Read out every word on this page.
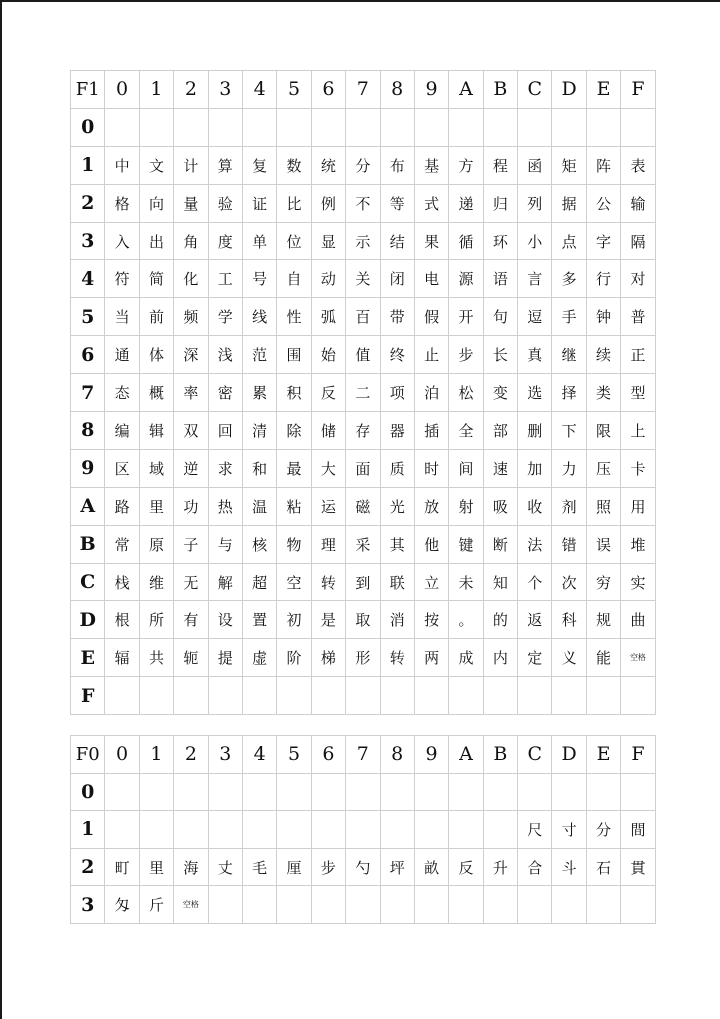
F1	0	1	2	3	4	5	6	7	8	9	A	B	C	D	E	F
0																
1	中	文	计	算	复	数	统	分	布	基	方	程	函	矩	阵	表
2	格	向	量	验	证	比	例	不	等	式	递	归	列	据	公	输
3	入	出	角	度	单	位	显	示	结	果	循	环	小	点	字	隔
4	符	简	化	工	号	自	动	关	闭	电	源	语	言	多	行	对
5	当	前	频	学	线	性	弧	百	带	假	开	句	逗	手	钟	普
6	通	体	深	浅	范	围	始	值	终	止	步	长	真	继	续	正
7	态	概	率	密	累	积	反	二	项	泊	松	变	选	择	类	型
8	编	辑	双	回	清	除	储	存	器	插	全	部	删	下	限	上
9	区	域	逆	求	和	最	大	面	质	时	间	速	加	力	压	卡
A	路	里	功	热	温	粘	运	磁	光	放	射	吸	收	剂	照	用
B	常	原	子	与	核	物	理	采	其	他	键	断	法	错	误	堆
C	栈	维	无	解	超	空	转	到	联	立	未	知	个	次	穷	实
D	根	所	有	设	置	初	是	取	消	按	。	的	返	科	规	曲
E	辐	共	轭	提	虚	阶	梯	形	转	两	成	内	定	义	能	空格
F																
F0	0	1	2	3	4	5	6	7	8	9	A	B	C	D	E	F
0																
1													尺	寸	分	間
2	町	里	海	丈	毛	厘	步	勺	坪	畝	反	升	合	斗	石	貫
3	匁	斤	空格													
